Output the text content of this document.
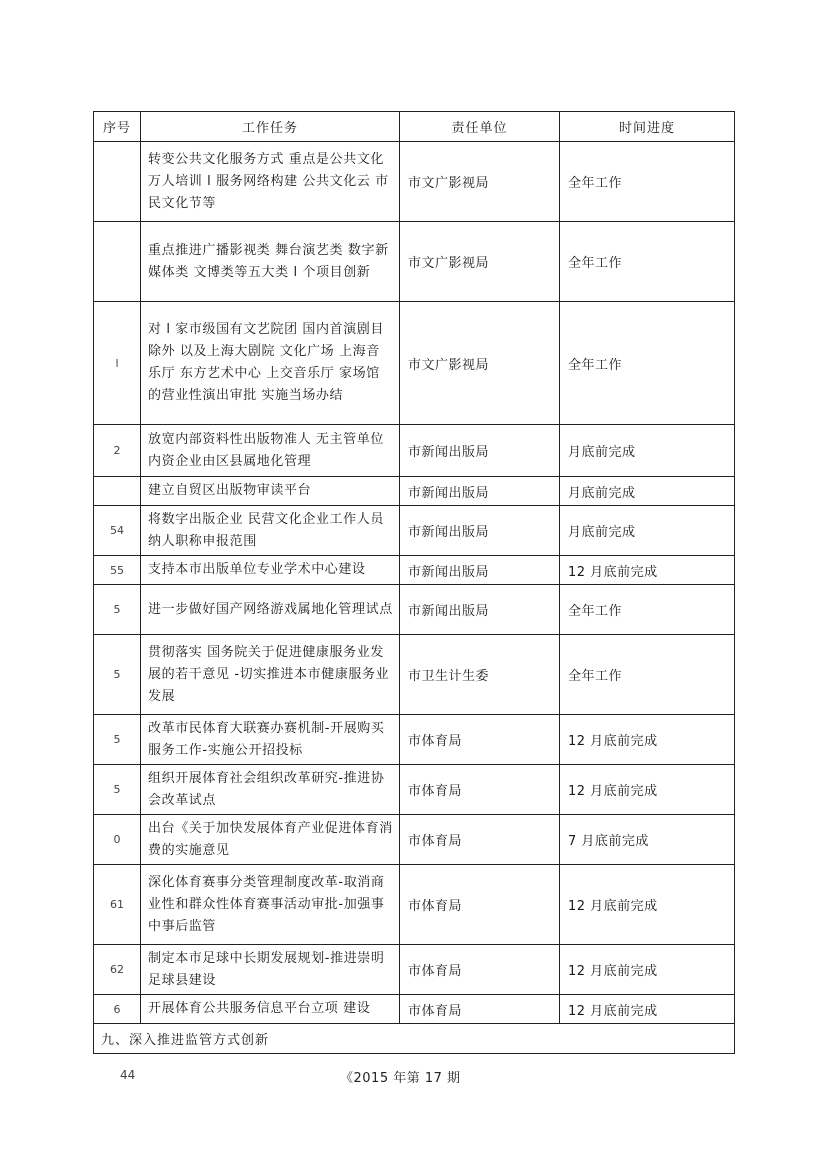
序号	工作任务	责任单位	时间进度
	转变公共文化服务方式 重点是公共文化万人培训 l 服务网络构建 公共文化云 市民文化节等	市文广影视局	全年工作
	重点推进广播影视类 舞台演艺类 数字新媒体类 文博类等五大类 l 个项目创新	市文广影视局	全年工作
l	对 l 家市级国有文艺院团 国内首演剧目除外 以及上海大剧院 文化广场 上海音乐厅 东方艺术中心 上交音乐厅 家场馆的营业性演出审批 实施当场办结	市文广影视局	全年工作
2	放宽内部资料性出版物准人 无主管单位内资企业由区县属地化管理	市新闻出版局	月底前完成
	建立自贸区出版物审读平台	市新闻出版局	月底前完成
54	将数字出版企业 民营文化企业工作人员纳人职称申报范围	市新闻出版局	月底前完成
55	支持本市出版单位专业学术中心建设	市新闻出版局	12 月底前完成
5	进一步做好国产网络游戏属地化管理试点	市新闻出版局	全年工作
5	贯彻落实 国务院关于促进健康服务业发展的若干意见 -切实推进本市健康服务业发展	市卫生计生委	全年工作
5	改革市民体育大联赛办赛机制-开展购买服务工作-实施公开招投标	市体育局	12 月底前完成
5	组织开展体育社会组织改革研究-推进协会改革试点	市体育局	12 月底前完成
0	出台《关于加快发展体育产业促进体育消费的实施意见	市体育局	7 月底前完成
61	深化体育赛事分类管理制度改革-取消商业性和群众性体育赛事活动审批-加强事中事后监管	市体育局	12 月底前完成
62	制定本市足球中长期发展规划-推进崇明足球县建设	市体育局	12 月底前完成
6	开展体育公共服务信息平台立项 建设	市体育局	12 月底前完成
九、深入推进监管方式创新			
44	《2015 年第 17 期
